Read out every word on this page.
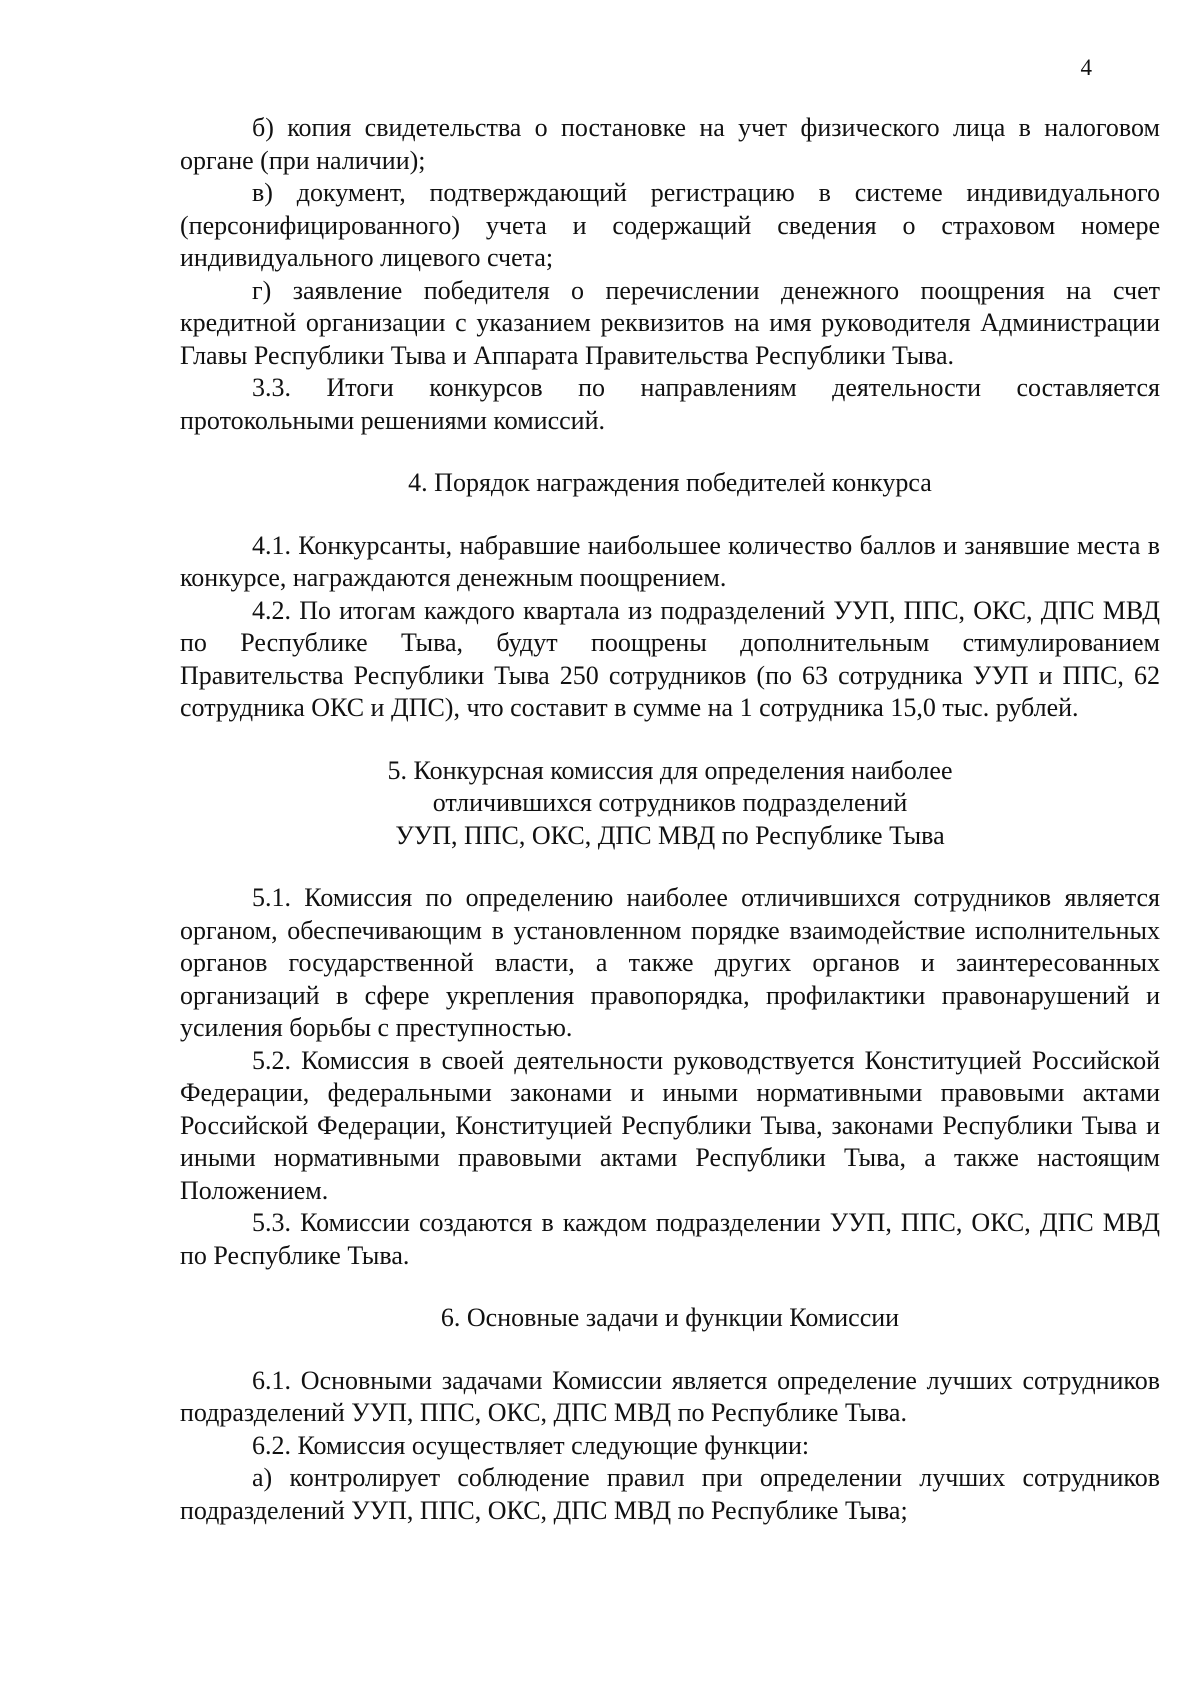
4

б) копия свидетельства о постановке на учет физического лица в налоговом органе (при наличии);

в) документ, подтверждающий регистрацию в системе индивидуального (персонифицированного) учета и содержащий сведения о страховом номере индивидуального лицевого счета;

г) заявление победителя о перечислении денежного поощрения на счет кредитной организации с указанием реквизитов на имя руководителя Администрации Главы Республики Тыва и Аппарата Правительства Республики Тыва.

3.3. Итоги конкурсов по направлениям деятельности составляется протокольными решениями комиссий.

4. Порядок награждения победителей конкурса

4.1. Конкурсанты, набравшие наибольшее количество баллов и занявшие места в конкурсе, награждаются денежным поощрением.

4.2. По итогам каждого квартала из подразделений УУП, ППС, ОКС, ДПС МВД по Республике Тыва, будут поощрены дополнительным стимулированием Правительства Республики Тыва 250 сотрудников (по 63 сотрудника УУП и ППС, 62 сотрудника ОКС и ДПС), что составит в сумме на 1 сотрудника 15,0 тыс. рублей.

5. Конкурсная комиссия для определения наиболее
отличившихся сотрудников подразделений
УУП, ППС, ОКС, ДПС МВД по Республике Тыва

5.1. Комиссия по определению наиболее отличившихся сотрудников является органом, обеспечивающим в установленном порядке взаимодействие исполнительных органов государственной власти, а также других органов и заинтересованных организаций в сфере укрепления правопорядка, профилактики правонарушений и усиления борьбы с преступностью.

5.2. Комиссия в своей деятельности руководствуется Конституцией Российской Федерации, федеральными законами и иными нормативными правовыми актами Российской Федерации, Конституцией Республики Тыва, законами Республики Тыва и иными нормативными правовыми актами Республики Тыва, а также настоящим Положением.

5.3. Комиссии создаются в каждом подразделении УУП, ППС, ОКС, ДПС МВД по Республике Тыва.

6. Основные задачи и функции Комиссии

6.1. Основными задачами Комиссии является определение лучших сотрудников подразделений УУП, ППС, ОКС, ДПС МВД по Республике Тыва.

6.2. Комиссия осуществляет следующие функции:

а) контролирует соблюдение правил при определении лучших сотрудников подразделений УУП, ППС, ОКС, ДПС МВД по Республике Тыва;
